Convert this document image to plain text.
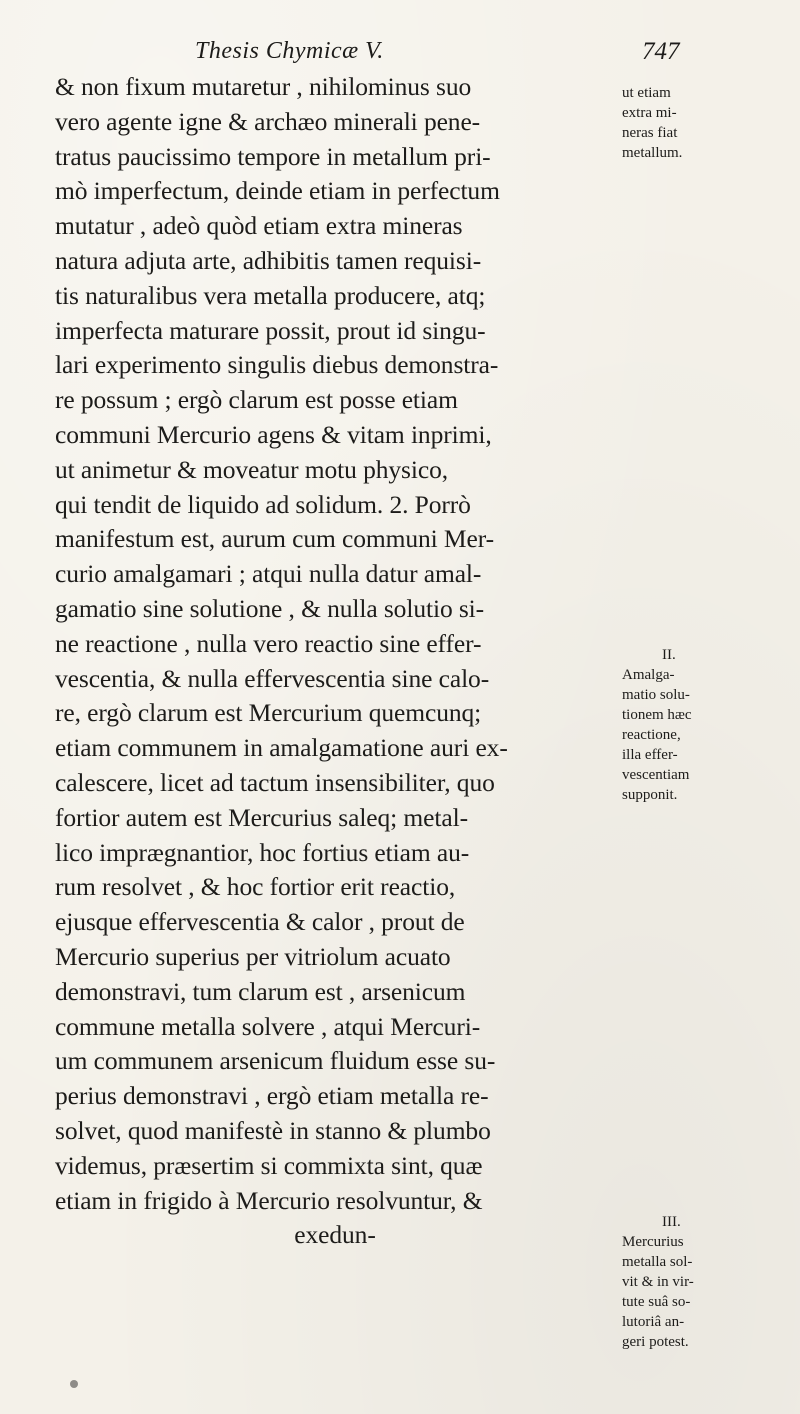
Thesis Chymicæ V.	747
& non fixum mutaretur , nihilominus suo
vero agente igne & archæo minerali pene-
tratus paucissimo tempore in metallum pri-
mò imperfectum, deinde etiam in perfectum
mutatur , adeò quòd etiam extra mineras
natura adjuta arte, adhibitis tamen requisi-
tis naturalibus vera metalla producere, atq;
imperfecta maturare possit, prout id singu-
lari experimento singulis diebus demonstra-
re possum ; ergò clarum est posse etiam
communi Mercurio agens & vitam inprimi,
ut animetur & moveatur motu physico,
qui tendit de liquido ad solidum. 2. Porrò
manifestum est, aurum cum communi Mer-
curio amalgamari ; atqui nulla datur amal-
gamatio sine solutione , & nulla solutio si-
ne reactione , nulla vero reactio sine effer-
vescentia, & nulla effervescentia sine calo-
re, ergò clarum est Mercurium quemcunq;
etiam communem in amalgamatione auri ex-
calescere, licet ad tactum insensibiliter, quo
fortior autem est Mercurius saleq; metal-
lico imprægnantior, hoc fortius etiam au-
rum resolvet , & hoc fortior erit reactio,
ejusque effervescentia & calor , prout de
Mercurio superius per vitriolum acuato
demonstravi, tum clarum est , arsenicum
commune metalla solvere , atqui Mercuri-
um communem arsenicum fluidum esse su-
perius demonstravi , ergò etiam metalla re-
solvet, quod manifestè in stanno & plumbo
videmus, præsertim si commixta sint, quæ
etiam in frigido à Mercurio resolvuntur, &
exedun-
ut etiam
extra mi-
neras fiat
metallum.
II.
Amalga-
matio solu-
tionem hæc
reactione,
illa effer-
vescentiam
supponit.
III.
Mercurius
metalla sol-
vit & in vir-
tute suâ so-
lutoriâ an-
geri potest.
